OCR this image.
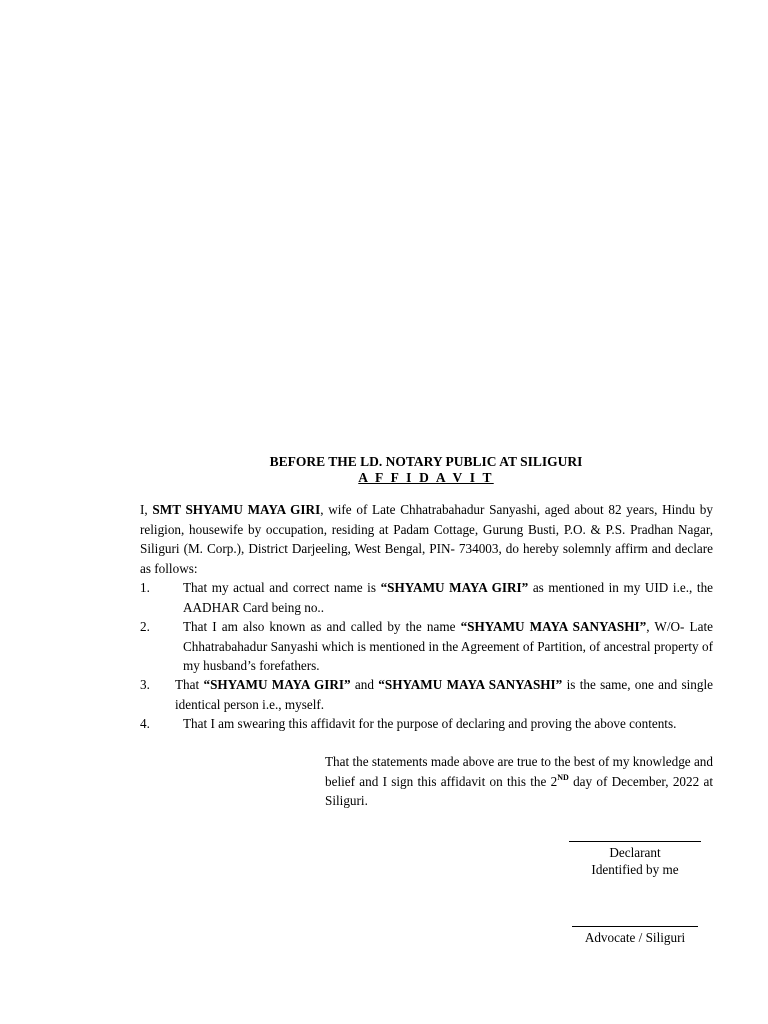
BEFORE THE LD. NOTARY PUBLIC AT SILIGURI
A F F I D A V I T
I, SMT SHYAMU MAYA GIRI, wife of Late Chhatrabahadur Sanyashi, aged about 82 years, Hindu by religion, housewife by occupation, residing at Padam Cottage, Gurung Busti, P.O. & P.S. Pradhan Nagar, Siliguri (M. Corp.), District Darjeeling, West Bengal, PIN- 734003, do hereby solemnly affirm and declare as follows:
1.	That my actual and correct name is “SHYAMU MAYA GIRI” as mentioned in my UID i.e., the AADHAR Card being no..
2.	That I am also known as and called by the name “SHYAMU MAYA SANYASHI”, W/O- Late Chhatrabahadur Sanyashi which is mentioned in the Agreement of Partition, of ancestral property of my husband’s forefathers.
3. That “SHYAMU MAYA GIRI” and “SHYAMU MAYA SANYASHI” is the same, one and single identical person i.e., myself.
4.	That I am swearing this affidavit for the purpose of declaring and proving the above contents.
That the statements made above are true to the best of my knowledge and belief and I sign this affidavit on this the 2ND day of December, 2022 at Siliguri.
Declarant
Identified by me
Advocate / Siliguri
